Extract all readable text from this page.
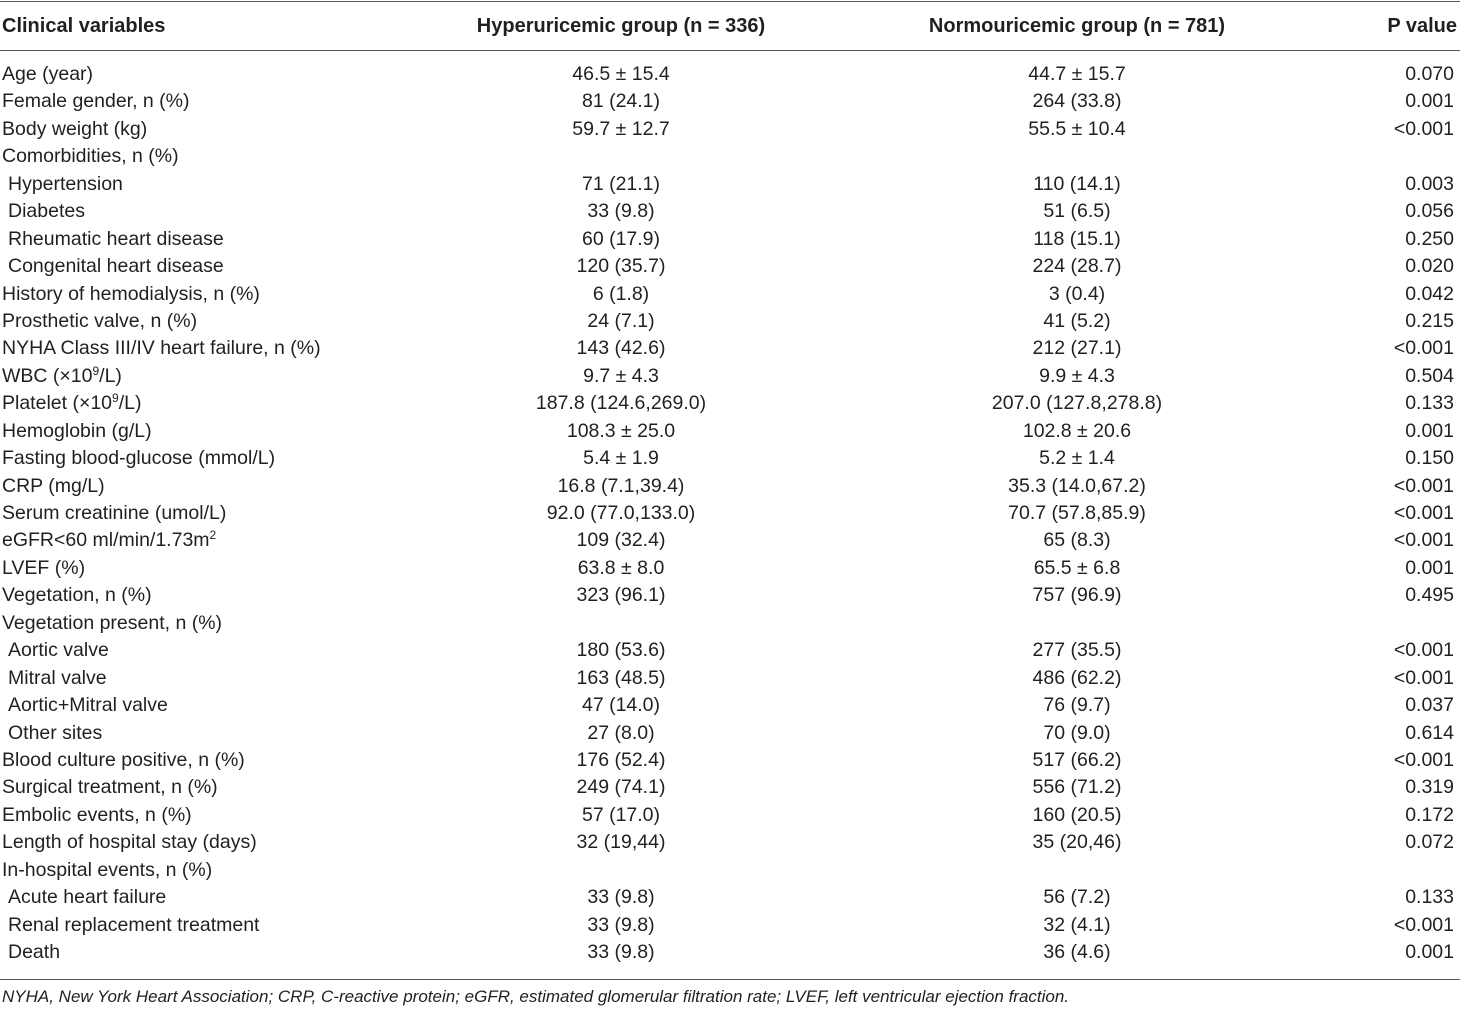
Clinical variables	Hyperuricemic group (n = 336)	Normouricemic group (n = 781)	P value
Age (year)	46.5 ± 15.4	44.7 ± 15.7	0.070
Female gender, n (%)	81 (24.1)	264 (33.8)	0.001
Body weight (kg)	59.7 ± 12.7	55.5 ± 10.4	<0.001
Comorbidities, n (%)
Hypertension	71 (21.1)	110 (14.1)	0.003
Diabetes	33 (9.8)	51 (6.5)	0.056
Rheumatic heart disease	60 (17.9)	118 (15.1)	0.250
Congenital heart disease	120 (35.7)	224 (28.7)	0.020
History of hemodialysis, n (%)	6 (1.8)	3 (0.4)	0.042
Prosthetic valve, n (%)	24 (7.1)	41 (5.2)	0.215
NYHA Class III/IV heart failure, n (%)	143 (42.6)	212 (27.1)	<0.001
WBC $(\times 10^9/L)$	9.7 ± 4.3	9.9 ± 4.3	0.504
Platelet $(\times 10^9/L)$	187.8 (124.6,269.0)	207.0 (127.8,278.8)	0.133
Hemoglobin (g/L)	108.3 ± 25.0	102.8 ± 20.6	0.001
Fasting blood-glucose (mmol/L)	5.4 ± 1.9	5.2 ± 1.4	0.150
CRP (mg/L)	16.8 (7.1,39.4)	35.3 (14.0,67.2)	<0.001
Serum creatinine (umol/L)	92.0 (77.0,133.0)	70.7 (57.8,85.9)	<0.001
eGFR<60 $ml/\min/1.73m^2$	109 (32.4)	65 (8.3)	<0.001
LVEF (%)	63.8 ± 8.0	65.5 ± 6.8	0.001
Vegetation, n (%)	323 (96.1)	757 (96.9)	0.495
Vegetation present, n (%)
Aortic valve	180 (53.6)	277 (35.5)	<0.001
Mitral valve	163 (48.5)	486 (62.2)	<0.001
Aortic+Mitral valve	47 (14.0)	76 (9.7)	0.037
Other sites	27 (8.0)	70 (9.0)	0.614
Blood culture positive, n (%)	176 (52.4)	517 (66.2)	<0.001
Surgical treatment, n (%)	249 (74.1)	556 (71.2)	0.319
Embolic events, n (%)	57 (17.0)	160 (20.5)	0.172
Length of hospital stay (days)	32 (19,44)	35 (20,46)	0.072
In-hospital events, n (%)
Acute heart failure	33 (9.8)	56 (7.2)	0.133
Renal replacement treatment	33 (9.8)	32 (4.1)	<0.001
Death	33 (9.8)	36 (4.6)	0.001
NYHA, New York Heart Association; CRP, C-reactive protein; eGFR, estimated glomerular filtration rate; LVEF, left ventricular ejection fraction.
